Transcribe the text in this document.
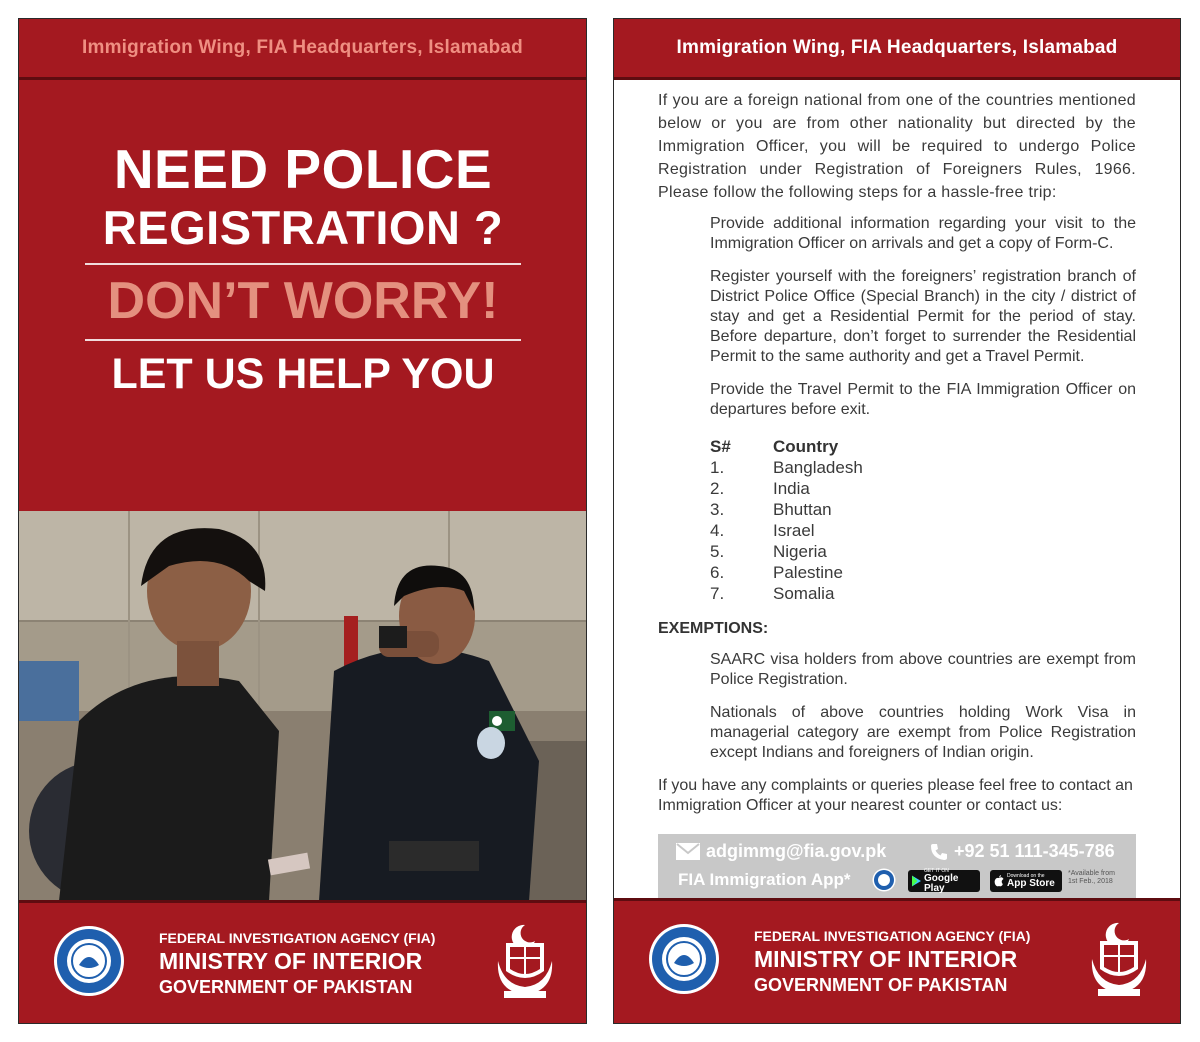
Immigration Wing, FIA Headquarters, Islamabad
NEED POLICE
REGISTRATION ?
DON’T WORRY!
LET US HELP YOU
FEDERAL INVESTIGATION AGENCY (FIA)
MINISTRY OF INTERIOR
GOVERNMENT OF PAKISTAN
Immigration Wing, FIA Headquarters, Islamabad
If you are a foreign national from one of the countries mentioned below or you are from other nationality but directed by the Immigration Officer, you will be required to undergo Police Registration under Registration of Foreigners Rules, 1966. Please follow the following steps for a hassle-free trip:
Provide additional information regarding your visit to the Immigration Officer on arrivals and get a copy of Form-C.
Register yourself with the foreigners’ registration branch of District Police Office (Special Branch) in the city / district of stay and get a Residential Permit for the period of stay. Before departure, don’t forget to surrender the Residential Permit to the same authority and get a Travel Permit.
Provide the Travel Permit to the FIA Immigration Officer on departures before exit.
S#	Country
1.	Bangladesh
2.	India
3.	Bhuttan
4.	Israel
5.	Nigeria
6.	Palestine
7.	Somalia
EXEMPTIONS:
SAARC visa holders from above countries are exempt from Police Registration.
Nationals of above countries holding Work Visa in managerial category are exempt from Police Registration except Indians and foreigners of Indian origin.
If you have any complaints or queries please feel free to contact an Immigration Officer at your nearest counter or contact us:
adgimmg@fia.gov.pk	+92 51 111-345-786
FIA Immigration App*	GET IT ON
Google Play
Download on the
App Store
*Available from
1st Feb., 2018
FEDERAL INVESTIGATION AGENCY (FIA)
MINISTRY OF INTERIOR
GOVERNMENT OF PAKISTAN
